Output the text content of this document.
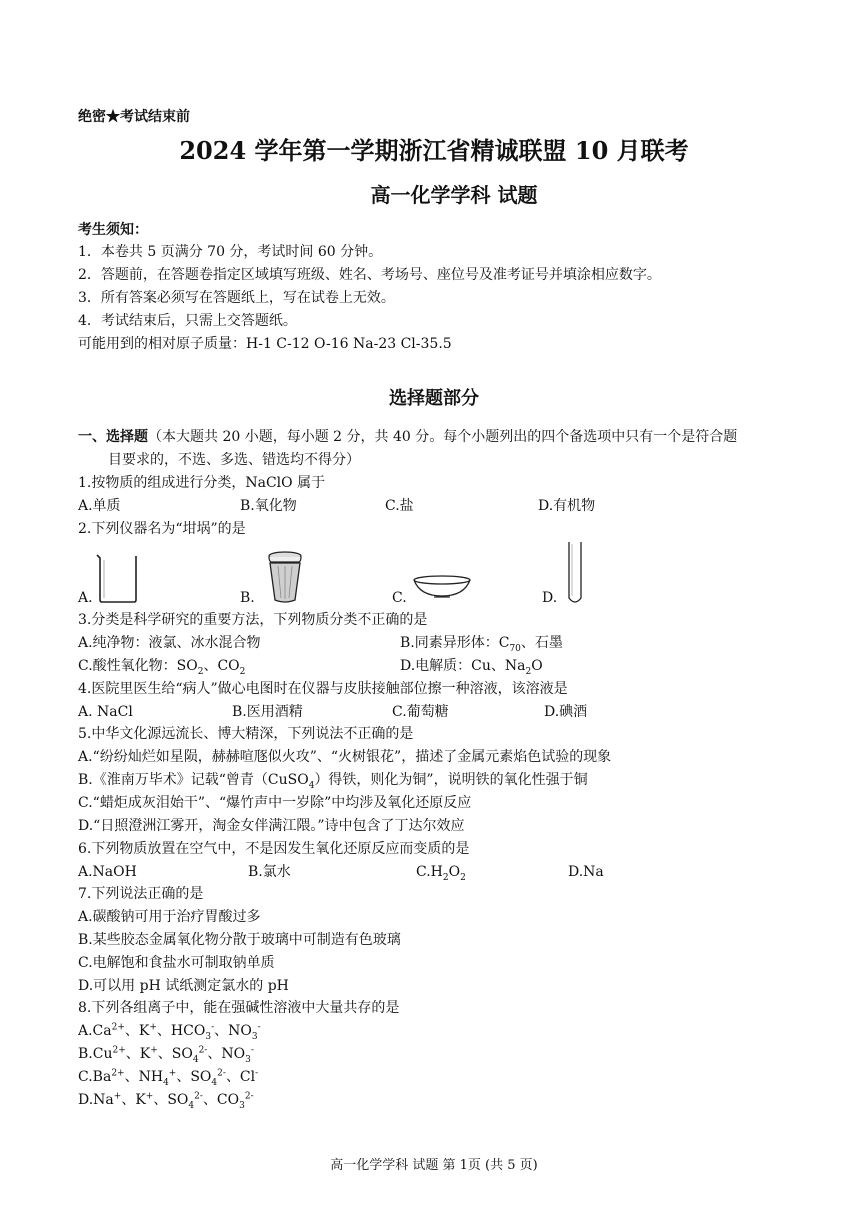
绝密★考试结束前
2024 学年第一学期浙江省精诚联盟 10 月联考
高一化学学科 试题
考生须知：
1．本卷共 5 页满分 70 分，考试时间 60 分钟。
2．答题前，在答题卷指定区域填写班级、姓名、考场号、座位号及准考证号并填涂相应数字。
3．所有答案必须写在答题纸上，写在试卷上无效。
4．考试结束后，只需上交答题纸。
可能用到的相对原子质量：H-1 C-12 O-16 Na-23 Cl-35.5
选择题部分
一、选择题（本大题共 20 小题，每小题 2 分，共 40 分。每个小题列出的四个备选项中只有一个是符合题
目要求的，不选、多选、错选均不得分）
1.按物质的组成进行分类，NaClO 属于
A.单质	B.氧化物	C.盐	D.有机物
2.下列仪器名为“坩埚”的是
A.	B.	C.	D.
3.分类是科学研究的重要方法，下列物质分类不正确的是
A.纯净物：液氯、冰水混合物	B.同素异形体：$C_{70}$、石墨
C.酸性氧化物：$SO_2$、$CO_2$	D.电解质：Cu、$Na_2O$
4.医院里医生给“病人”做心电图时在仪器与皮肤接触部位擦一种溶液，该溶液是
A. NaCl	B.医用酒精	C.葡萄糖	D.碘酒
5.中华文化源远流长、博大精深，下列说法不正确的是
A.“纷纷灿烂如星陨，赫赫喧豗似火攻”、“火树银花”，描述了金属元素焰色试验的现象
B.《淮南万毕术》记载“曾青（CuSO$_4$）得铁，则化为铜”，说明铁的氧化性强于铜
C.“蜡炬成灰泪始干”、“爆竹声中一岁除”中均涉及氧化还原反应
D.“日照澄洲江雾开，淘金女伴满江隈。”诗中包含了丁达尔效应
6.下列物质放置在空气中，不是因发生氧化还原反应而变质的是
A.NaOH	B.氯水	$C.H_2O_2$	D.Na
7.下列说法正确的是
A.碳酸钠可用于治疗胃酸过多
B.某些胶态金属氧化物分散于玻璃中可制造有色玻璃
C.电解饱和食盐水可制取钠单质
D.可以用 pH 试纸测定氯水的 pH
8.下列各组离子中，能在强碱性溶液中大量共存的是
$A.Ca^{2+}$、K+、$HCO_3^-$、$NO_3^-$
$B.Cu^{2+}$、K+、$SO_4^{2-}$、$NO_3^-$
$C.Ba^{2+}$、$NH_4^+$、$SO_4^{2-}$、Cl-
D.Na+、K+、$SO_4^{2-}$、$CO_3^{2-}$
高一化学学科 试题 第 1页 (共 5 页)
